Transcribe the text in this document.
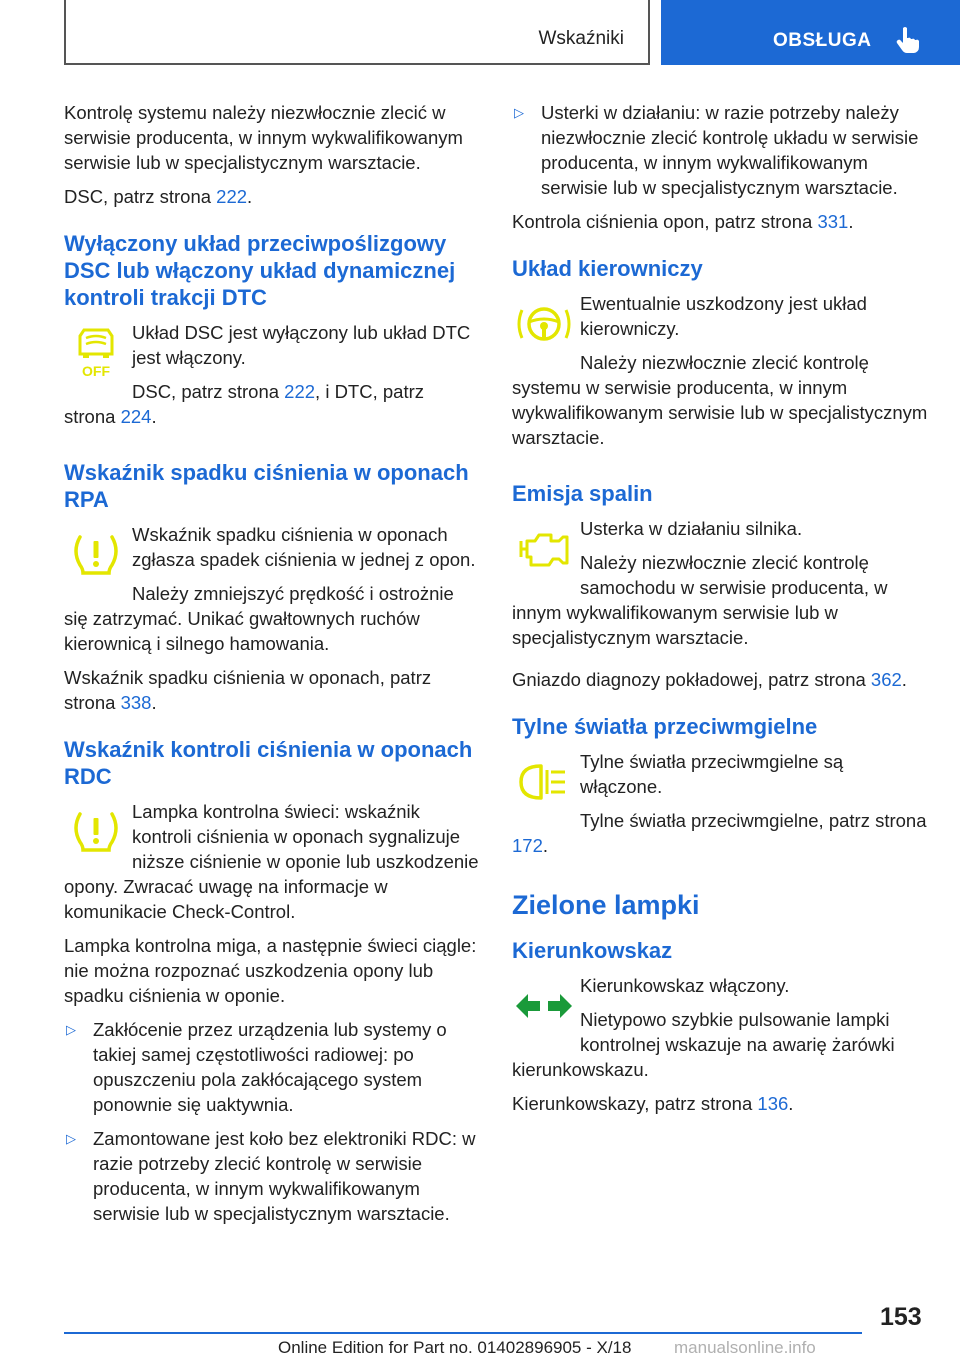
Wskaźniki	OBSŁUGA

Kontrolę systemu należy niezwłocznie zlecić w serwisie producenta, w innym wykwalifikowanym serwisie lub w specjalistycznym warsztacie.

DSC, patrz strona 222.

Wyłączony układ przeciwpoślizgowy DSC lub włączony układ dynamicznej kontroli trakcji DTC
OFF

Układ DSC jest wyłączony lub układ DTC jest włączony.

DSC, patrz strona 222, i DTC, patrz strona 224.

Wskaźnik spadku ciśnienia w oponach RPA

Wskaźnik spadku ciśnienia w oponach zgłasza spadek ciśnienia w jednej z opon.

Należy zmniejszyć prędkość i ostrożnie się zatrzymać. Unikać gwałtownych ruchów kierownicą i silnego hamowania.

Wskaźnik spadku ciśnienia w oponach, patrz strona 338.

Wskaźnik kontroli ciśnienia w oponach RDC

Lampka kontrolna świeci: wskaźnik kontroli ciśnienia w oponach sygnalizuje niższe ciśnienie w oponie lub uszkodzenie opony. Zwracać uwagę na informacje w komunikacie Check-Control.

Lampka kontrolna miga, a następnie świeci ciągle: nie można rozpoznać uszkodzenia opony lub spadku ciśnienia w oponie.

▷ Zakłócenie przez urządzenia lub systemy o takiej samej częstotliwości radiowej: po opuszczeniu pola zakłócającego system ponownie się uaktywnia.
▷ Zamontowane jest koło bez elektroniki RDC: w razie potrzeby zlecić kontrolę w serwisie producenta, w innym wykwalifikowanym serwisie lub w specjalistycznym warsztacie.
▷ Usterki w działaniu: w razie potrzeby należy niezwłocznie zlecić kontrolę układu w serwisie producenta, w innym wykwalifikowanym serwisie lub w specjalistycznym warsztacie.

Kontrola ciśnienia opon, patrz strona 331.

Układ kierowniczy

Ewentualnie uszkodzony jest układ kierowniczy.

Należy niezwłocznie zlecić kontrolę systemu w serwisie producenta, w innym wykwalifikowanym serwisie lub w specjalistycznym warsztacie.

Emisja spalin

Usterka w działaniu silnika.

Należy niezwłocznie zlecić kontrolę samochodu w serwisie producenta, w innym wykwalifikowanym serwisie lub w specjalistycznym warsztacie.

Gniazdo diagnozy pokładowej, patrz strona 362.

Tylne światła przeciwmgielne

Tylne światła przeciwmgielne są włączone.

Tylne światła przeciwmgielne, patrz strona 172.

Zielone lampki
Kierunkowskaz

Kierunkowskaz włączony.

Nietypowo szybkie pulsowanie lampki kontrolnej wskazuje na awarię żarówki kierunkowskazu.

Kierunkowskazy, patrz strona 136.

153
Online Edition for Part no. 01402896905 - X/18	manualsonline.info
